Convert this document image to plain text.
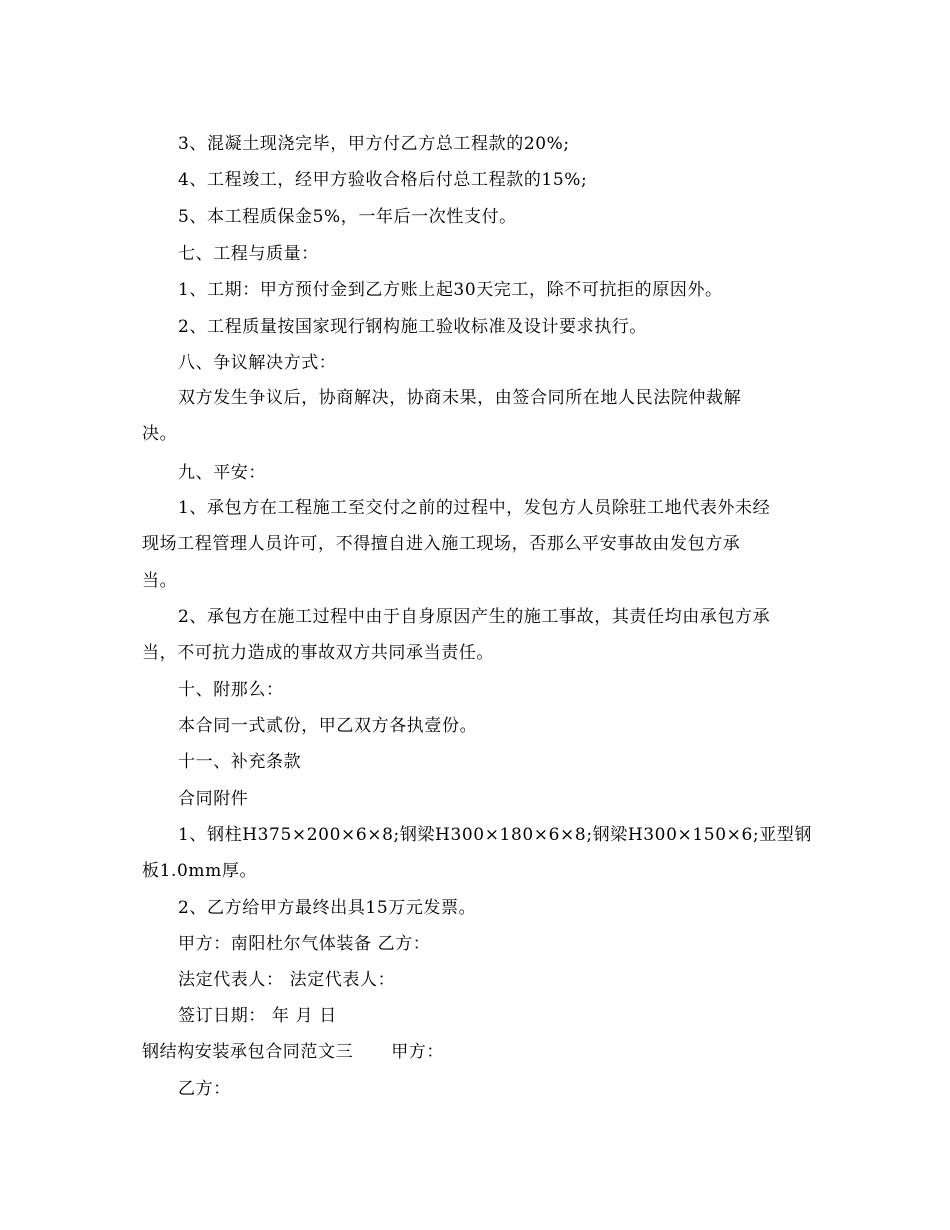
3、混凝土现浇完毕，甲方付乙方总工程款的20%;
4、工程竣工，经甲方验收合格后付总工程款的15%;
5、本工程质保金5%，一年后一次性支付。
七、工程与质量：
1、工期：甲方预付金到乙方账上起30天完工，除不可抗拒的原因外。
2、工程质量按国家现行钢构施工验收标准及设计要求执行。
八、争议解决方式：
双方发生争议后，协商解决，协商未果，由签合同所在地人民法院仲裁解
决。
九、平安：
1、承包方在工程施工至交付之前的过程中，发包方人员除驻工地代表外未经
现场工程管理人员许可，不得擅自进入施工现场，否那么平安事故由发包方承
当。
2、承包方在施工过程中由于自身原因产生的施工事故，其责任均由承包方承
当，不可抗力造成的事故双方共同承当责任。
十、附那么：
本合同一式贰份，甲乙双方各执壹份。
十一、补充条款
合同附件
1、钢柱H375×200×6×8;钢梁H300×180×6×8;钢梁H300×150×6;亚型钢
板1.0mm厚。
2、乙方给甲方最终出具15万元发票。
甲方：南阳杜尔气体装备 乙方：
法定代表人： 法定代表人：
签订日期： 年 月 日
钢结构安装承包合同范文三 甲方：
乙方：
